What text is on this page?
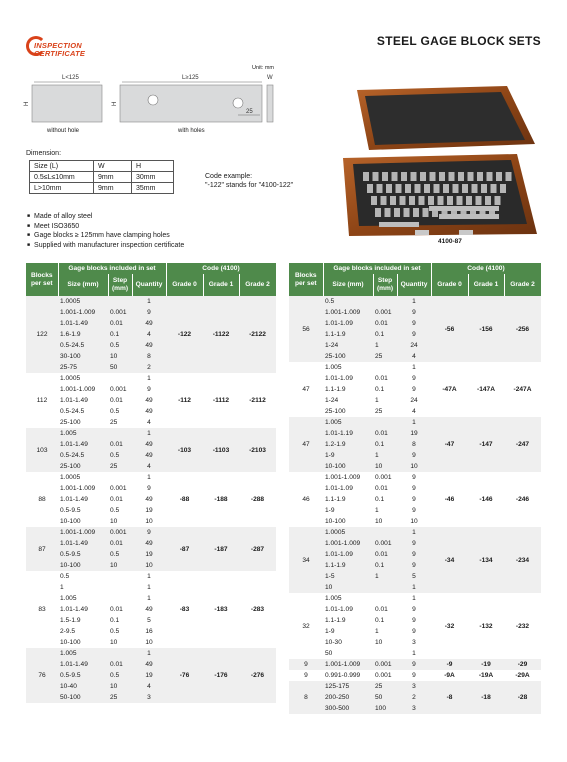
INSPECTION
CERTIFICATE
STEEL GAGE BLOCK SETS
Unit: mm
L<125
H
L≥125
25
H
W
without hole	with holes
Dimension:
Size (L)	W	H
0.5≤L≤10mm	9mm	30mm
L>10mm	9mm	35mm
Code example:
"-122" stands for "4100-122"
4100-87
■ Made of alloy steel
■ Meet ISO3650
■ Gage blocks ≥ 125mm have clamping holes
■ Supplied with manufacturer inspection certificate
Blocks per set	Gage blocks included in set			Code (4100)		
	Size (mm)	Step (mm)	Quantity	Grade 0	Grade 1	Grade 2
122	1.0005		1	-122	-1122	-2122
	1.001-1.009	0.001	9			
	1.01-1.49	0.01	49			
	1.6-1.9	0.1	4			
	0.5-24.5	0.5	49			
	30-100	10	8			
	25-75	50	2			
112	1.0005		1	-112	-1112	-2112
	1.001-1.009	0.001	9			
	1.01-1.49	0.01	49			
	0.5-24.5	0.5	49			
	25-100	25	4			
103	1.005		1	-103	-1103	-2103
	1.01-1.49	0.01	49			
	0.5-24.5	0.5	49			
	25-100	25	4			
88	1.0005		1	-88	-188	-288
	1.001-1.009	0.001	9			
	1.01-1.49	0.01	49			
	0.5-9.5	0.5	19			
	10-100	10	10			
87	1.001-1.009	0.001	9	-87	-187	-287
	1.01-1.49	0.01	49			
	0.5-9.5	0.5	19			
	10-100	10	10			
83	0.5		1	-83	-183	-283
	1		1			
	1.005		1			
	1.01-1.49	0.01	49			
	1.5-1.9	0.1	5			
	2-9.5	0.5	16			
	10-100	10	10			
76	1.005		1	-76	-176	-276
	1.01-1.49	0.01	49			
	0.5-9.5	0.5	19			
	10-40	10	4			
	50-100	25	3			
Blocks per set	Gage blocks included in set			Code (4100)		
	Size (mm)	Step (mm)	Quantity	Grade 0	Grade 1	Grade 2
56	0.5		1	-56	-156	-256
	1.001-1.009	0.001	9			
	1.01-1.09	0.01	9			
	1.1-1.9	0.1	9			
	1-24	1	24			
	25-100	25	4			
47	1.005		1	-47A	-147A	-247A
	1.01-1.09	0.01	9			
	1.1-1.9	0.1	9			
	1-24	1	24			
	25-100	25	4			
47	1.005		1	-47	-147	-247
	1.01-1.19	0.01	19			
	1.2-1.9	0.1	8			
	1-9	1	9			
	10-100	10	10			
46	1.001-1.009	0.001	9	-46	-146	-246
	1.01-1.09	0.01	9			
	1.1-1.9	0.1	9			
	1-9	1	9			
	10-100	10	10			
34	1.0005		1	-34	-134	-234
	1.001-1.009	0.001	9			
	1.01-1.09	0.01	9			
	1.1-1.9	0.1	9			
	1-5	1	5			
	10		1			
32	1.005		1	-32	-132	-232
	1.01-1.09	0.01	9			
	1.1-1.9	0.1	9			
	1-9	1	9			
	10-30	10	3			
	50		1			
9	1.001-1.009	0.001	9	-9	-19	-29
9	0.991-0.999	0.001	9	-9A	-19A	-29A
8	125-175	25	3	-8	-18	-28
	200-250	50	2			
	300-500	100	3			
